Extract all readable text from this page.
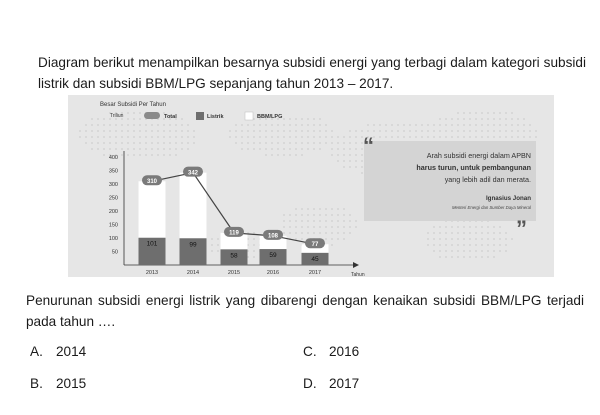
Diagram berikut menampilkan besarnya subsidi energi yang terbagi dalam kategori subsidi listrik dan subsidi BBM/LPG sepanjang tahun 2013 – 2017.
Besar Subsidi Per Tahun
Triliun	Total	Listrik	BBM/LPG
Tahun
50
100
150
200
250
300
350
400
101	99
58	59
45
310
342
119	108
77
2013	2014	2015	2016	2017
“	Arah subsidi energi dalam APBN
harus turun, untuk pembangunan
yang lebih adil dan merata.
Ignasius Jonan
Menteri Energi dan Sumber Daya Mineral
”
Penurunan subsidi energi listrik yang dibarengi dengan kenaikan subsidi BBM/LPG terjadi pada tahun ….
A. 2014
B. 2015
C. 2016
D. 2017
